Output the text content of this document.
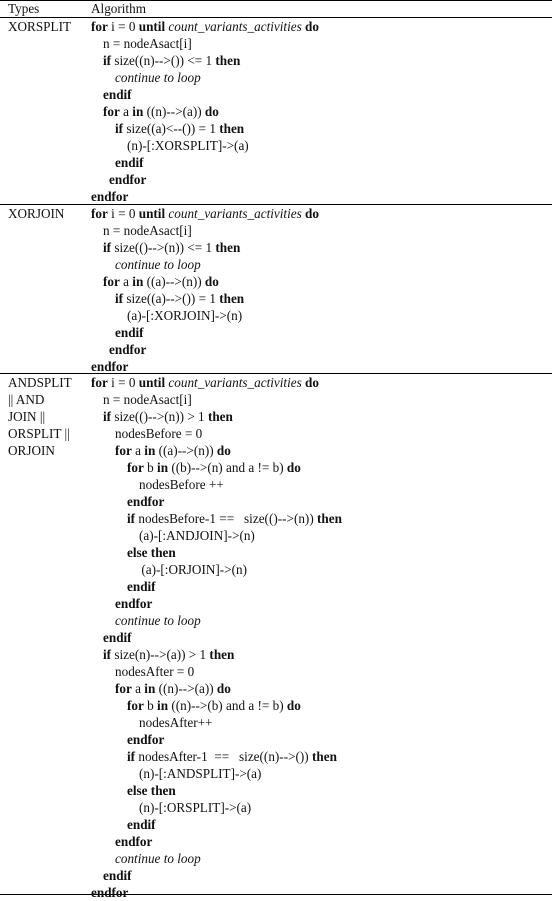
Types	Algorithm
XORSPLIT for i = 0 until count_variants_activities do
n = nodeAsact[i]
if size((n)-->()) <= 1 then
continue to loop
endif
for a in ((n)-->(a)) do
if size((a)<--()) = 1 then
(n)-[:XORSPLIT]->(a)
endif
endfor
endfor
XORJOIN for i = 0 until count_variants_activities do
n = nodeAsact[i]
if size(()-->(n)) <= 1 then
continue to loop
for a in ((a)-->(n)) do
if size((a)-->()) = 1 then
(a)-[:XORJOIN]->(n)
endif
endfor
endfor
ANDSPLIT
|| AND
JOIN ||
ORSPLIT ||
ORJOIN
for i = 0 until count_variants_activities do
n = nodeAsact[i]
if size(()-->(n)) > 1 then
nodesBefore = 0
for a in ((a)-->(n)) do
for b in ((b)-->(n) and a != b) do
nodesBefore ++
endfor
if nodesBefore-1 ==   size(()-->(n)) then
(a)-[:ANDJOIN]->(n)
else then
(a)-[:ORJOIN]->(n)
endif
endfor
continue to loop
endif
if size(n)-->(a)) > 1 then
nodesAfter = 0
for a in ((n)-->(a)) do
for b in ((n)-->(b) and a != b) do
nodesAfter++
endfor
if nodesAfter-1  ==   size((n)-->()) then
(n)-[:ANDSPLIT]->(a)
else then
(n)-[:ORSPLIT]->(a)
endif
endfor
continue to loop
endif
endfor
